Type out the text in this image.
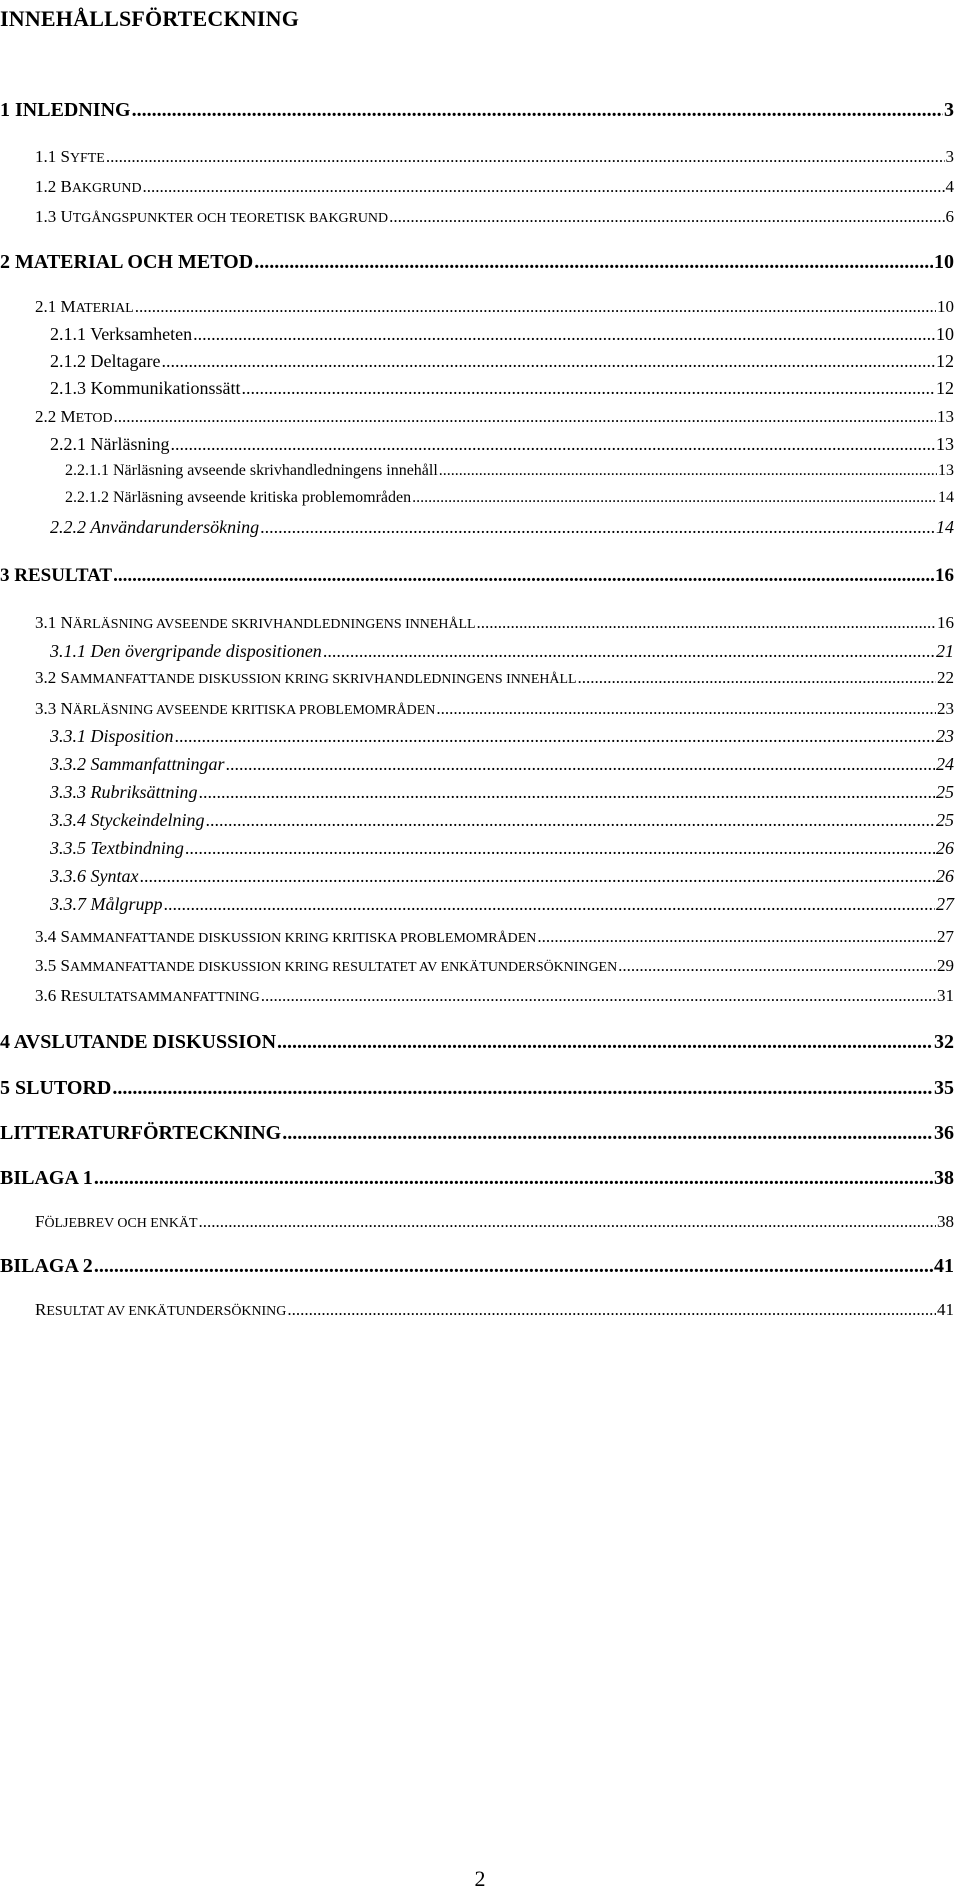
INNEHÅLLSFÖRTECKNING
1 INLEDNING .....	3
1.1 SYFTE .....	3
1.2 BAKGRUND .....	4
1.3 UTGÅNGSPUNKTER OCH TEORETISK BAKGRUND .....	6
2 MATERIAL OCH METOD .....	10
2.1 MATERIAL .....	10
2.1.1 Verksamheten .....	10
2.1.2 Deltagare .....	12
2.1.3 Kommunikationssätt .....	12
2.2 METOD .....	13
2.2.1 Närläsning .....	13
2.2.1.1 Närläsning avseende skrivhandledningens innehåll .....	13
2.2.1.2 Närläsning avseende kritiska problemområden .....	14
2.2.2 Användarundersökning .....	14
3 RESULTAT .....	16
3.1 NÄRLÄSNING AVSEENDE SKRIVHANDLEDNINGENS INNEHÅLL .....	16
3.1.1 Den övergripande dispositionen .....	21
3.2 SAMMANFATTANDE DISKUSSION KRING SKRIVHANDLEDNINGENS INNEHÅLL .....	22
3.3 NÄRLÄSNING AVSEENDE KRITISKA PROBLEMOMRÅDEN .....	23
3.3.1 Disposition .....	23
3.3.2 Sammanfattningar .....	24
3.3.3 Rubriksättning .....	25
3.3.4 Styckeindelning .....	25
3.3.5 Textbindning .....	26
3.3.6 Syntax .....	26
3.3.7 Målgrupp .....	27
3.4 SAMMANFATTANDE DISKUSSION KRING KRITISKA PROBLEMOMRÅDEN .....	27
3.5 SAMMANFATTANDE DISKUSSION KRING RESULTATET AV ENKÄTUNDERSÖKNINGEN .....	29
3.6 RESULTATSAMMANFATTNING .....	31
4 AVSLUTANDE DISKUSSION .....	32
5 SLUTORD .....	35
LITTERATURFÖRTECKNING .....	36
BILAGA 1 .....	38
FÖLJEBREV OCH ENKÄT .....	38
BILAGA 2 .....	41
RESULTAT AV ENKÄTUNDERSÖKNING .....	41
2
